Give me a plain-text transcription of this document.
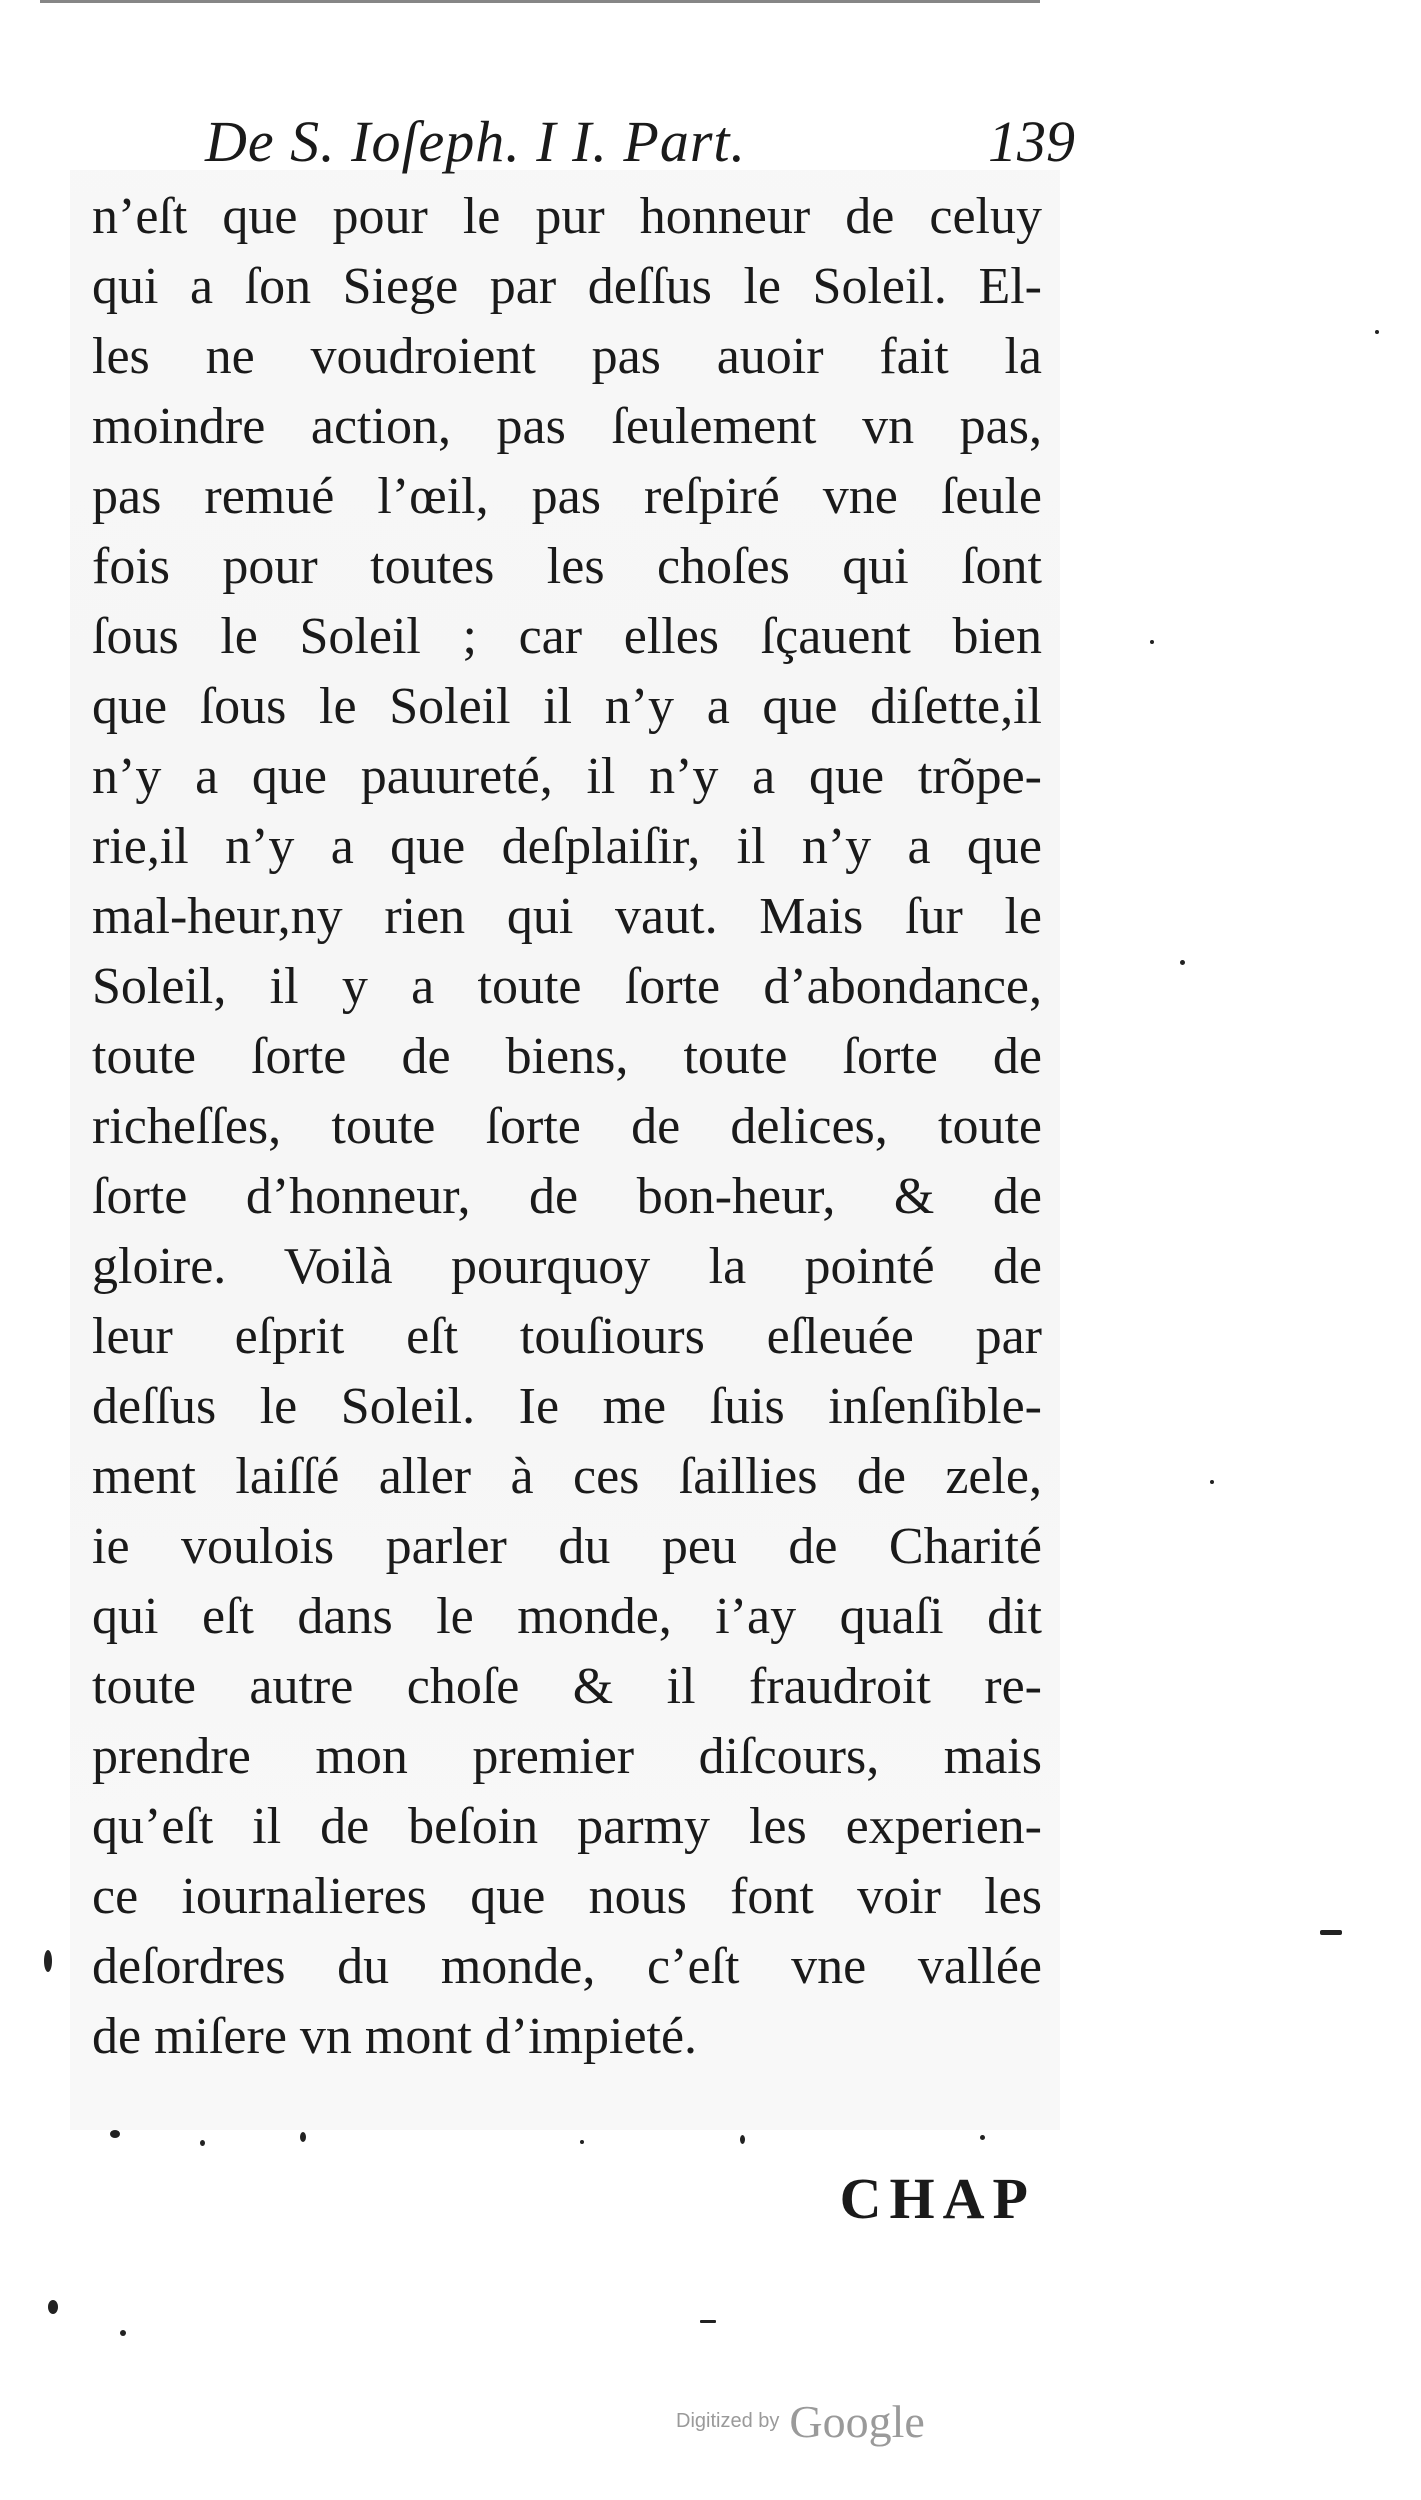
De S. Ioſeph. I I. Part.	139
n’eſt que pour le pur honneur de celuy
qui a ſon Siege par deſſus le Soleil. El-
les ne voudroient pas auoir fait la
moindre action, pas ſeulement vn pas,
pas remué l’œil, pas reſpiré vne ſeule
fois pour toutes les choſes qui ſont
ſous le Soleil ; car elles ſçauent bien
que ſous le Soleil il n’y a que diſette,il
n’y a que pauureté, il n’y a que trõpe-
rie,il n’y a que deſplaiſir, il n’y a que
mal-heur,ny rien qui vaut. Mais ſur le
Soleil, il y a toute ſorte d’abondance,
toute ſorte de biens, toute ſorte de
richeſſes, toute ſorte de delices, toute
ſorte d’honneur, de bon-heur, & de
gloire. Voilà pourquoy la pointé de
leur eſprit eſt touſiours eſleuée par
deſſus le Soleil. Ie me ſuis inſenſible-
ment laiſſé aller à ces ſaillies de zele,
ie voulois parler du peu de Charité
qui eſt dans le monde, i’ay quaſi dit
toute autre choſe & il fraudroit re-
prendre mon premier diſcours, mais
qu’eſt il de beſoin parmy les experien-
ce iournalieres que nous font voir les
deſordres du monde, c’eſt vne vallée
de miſere vn mont d’impieté.
CHAP
Digitized by Google
